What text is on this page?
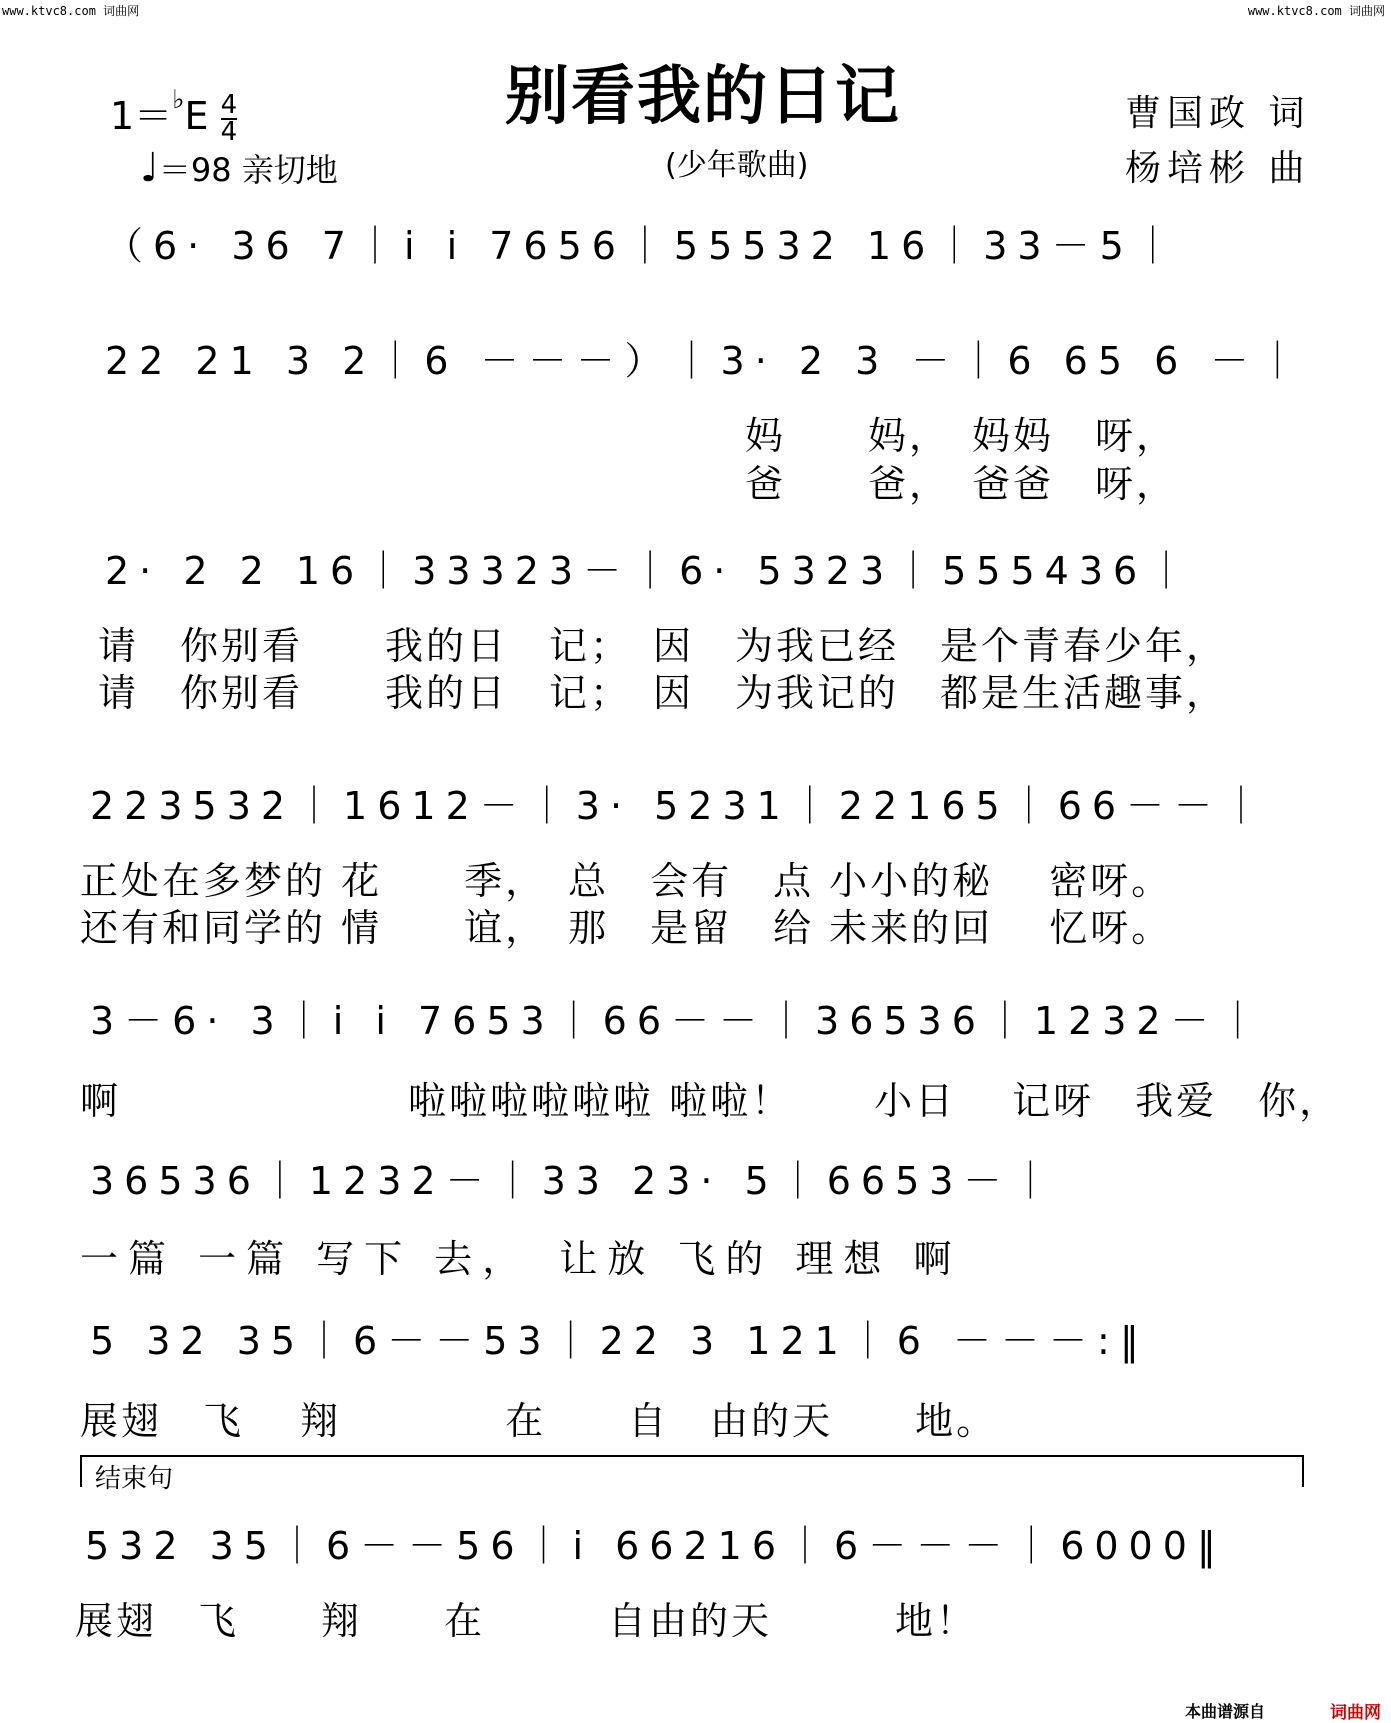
www.ktvc8.com 词曲网	www.ktvc8.com 词曲网
别看我的日记
(少年歌曲)
$1=^♭E \frac{4}{4}$
♩＝98 亲切地
曹国政 词
杨培彬 曲
（6· 36 7｜i i 7656｜55532 16｜33－5｜
22 21 3 2｜6 －－－）｜3· 2 3 －｜6 65 6 －｜
妈　　妈，　妈妈　呀，
爸　　爸，　爸爸　呀，
2· 2 2 16｜33323－｜6· 5323｜555436｜
请　你别看　　我的日　记；　因　为我已经　是个青春少年，
请　你别看　　我的日　记；　因　为我记的　都是生活趣事，
223532｜1612－｜3· 5231｜22165｜66－－｜
正处在多梦的 花　　季，　总　会有　点 小小的秘　 密呀。
还有和同学的 情　　谊，　那　是留　给 未来的回　 忆呀。
3－6· 3｜i i 7653｜66－－｜36536｜1232－｜
啊　　　　　　　啦啦啦啦啦啦 啦啦！　　小日　 记呀　我爱　你，
36536｜1232－｜33 23· 5｜6653－｜
一篇 一篇 写下 去，　让放 飞的 理想 啊
5 32 35｜6－－53｜22 3 121｜6 －－－:‖
展翅　飞　 翔　　　　在　　自　由的天　　地。
结束句
532 35｜6－－56｜i 66216｜6－－－｜6000‖
展翅　飞　　翔　　在　　　自由的天　　　地！
本曲谱源自	词曲网
